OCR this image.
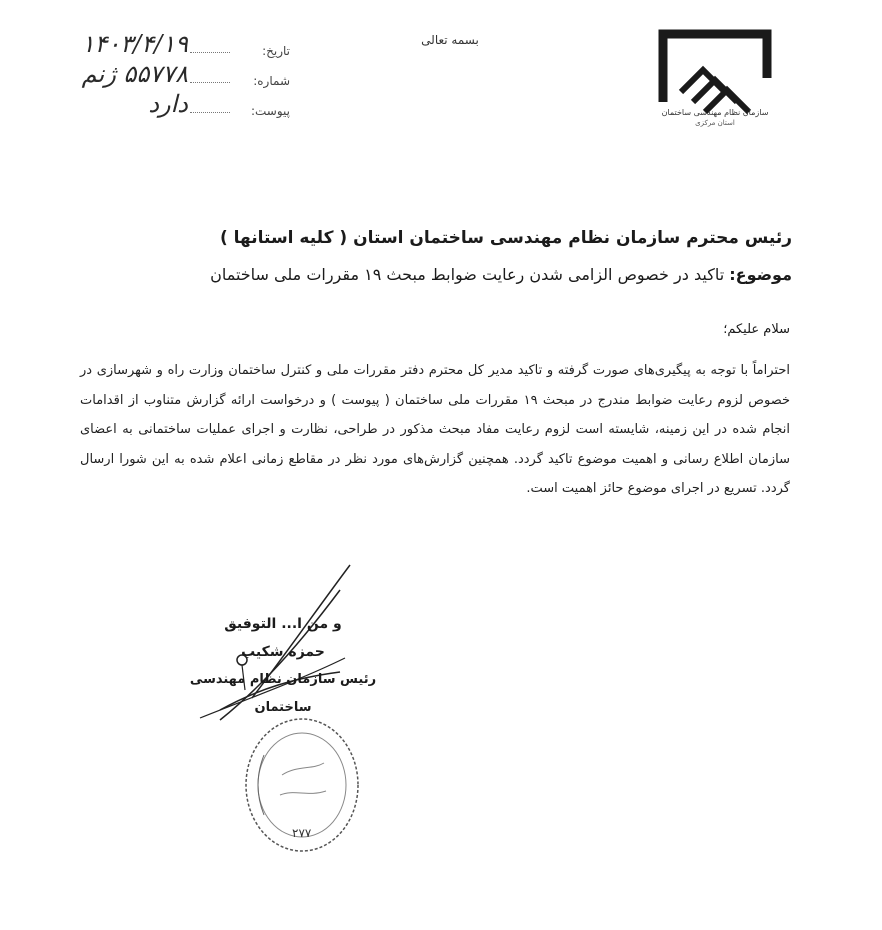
تاریخ:
۱۴۰۳/۴/۱۹
شماره:
۵۵۷۷۸ ژنم
پیوست:
دارد
بسمه تعالی
سازمان نظام مهندسی ساختمان
استان مرکزی
رئیس محترم سازمان نظام مهندسی ساختمان استان ( کلیه استانها )
موضوع: تاکید در خصوص الزامی شدن رعایت ضوابط مبحث ۱۹ مقررات ملی ساختمان
سلام علیکم؛
احتراماً با توجه به پیگیری‌های صورت گرفته و تاکید مدیر کل محترم دفتر مقررات ملی و کنترل ساختمان وزارت راه و شهرسازی در خصوص لزوم رعایت ضوابط مندرج در مبحث ۱۹ مقررات ملی ساختمان ( پیوست ) و درخواست ارائه گزارش متناوب از اقدامات انجام شده در این زمینه، شایسته است لزوم رعایت مفاد مبحث مذکور در طراحی، نظارت و اجرای عملیات ساختمانی به اعضای سازمان اطلاع رسانی و اهمیت موضوع تاکید گردد. همچنین گزارش‌های مورد نظر در مقاطع زمانی اعلام شده به این شورا ارسال گردد. تسریع در اجرای موضوع حائز اهمیت است.
و من ا... التوفیق
حمزه شکیب
رئیس سازمان نظام مهندسی ساختمان
۲۷۷
